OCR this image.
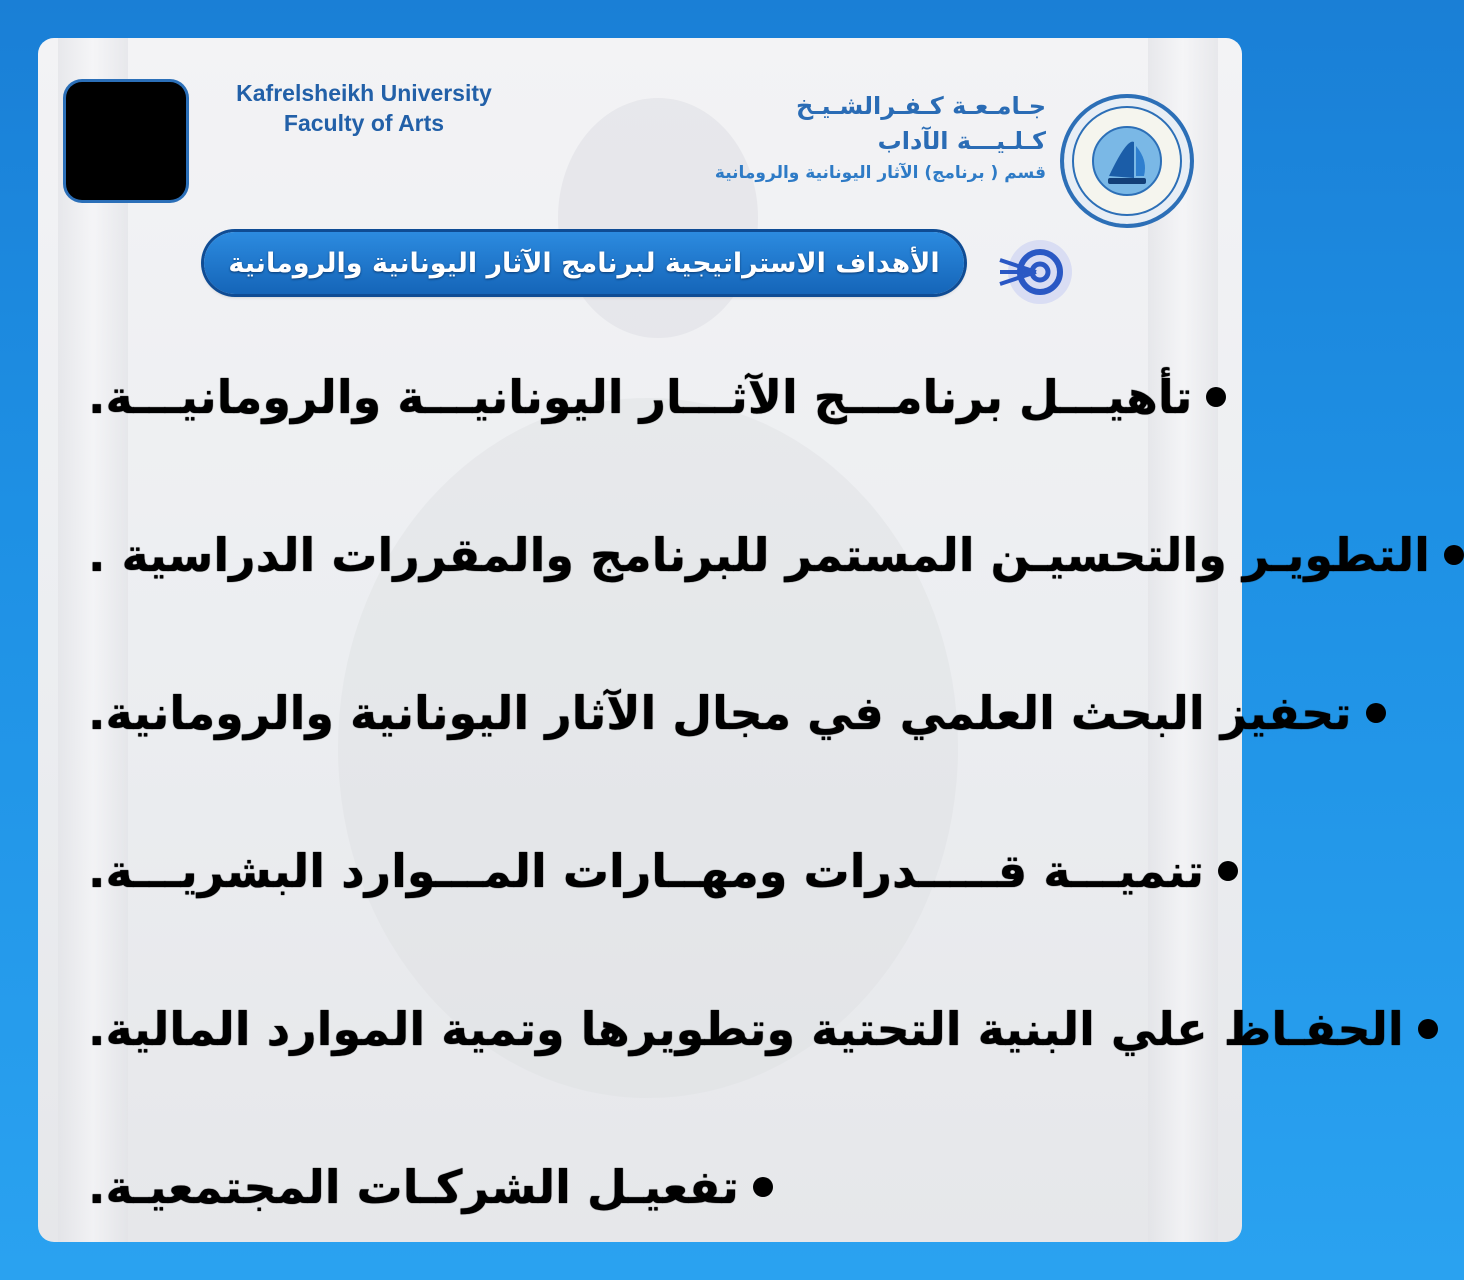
Kafrelsheikh University
Faculty of Arts
جـامـعـة كـفـرالشـيـخ
كـلـيـــة الآداب
قسم ( برنامج) الآثار اليونانية والرومانية
الأهداف الاستراتيجية لبرنامج الآثار اليونانية والرومانية
تأهيـــل برنامـــج الآثـــار اليونانيـــة والرومانيـــة.
التطويـر والتحسيـن المستمر للبرنامج والمقررات الدراسية .
تحفيز البحث العلمي في مجال الآثار اليونانية والرومانية.
تنميـــة قـــــدرات ومهــارات المـــوارد البشريـــة.
الحفـاظ علي البنية التحتية وتطويرها وتمية الموارد المالية.
تفعيـل الشركـات المجتمعيـة.
